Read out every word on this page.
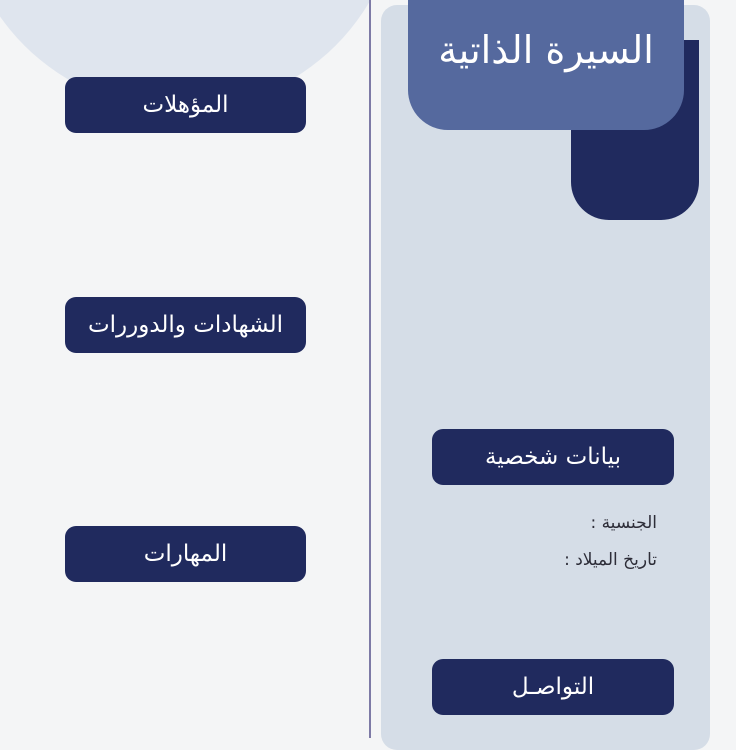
السيرة الذاتية
المؤهلات
الشهادات والدوررات
المهارات
بيانات شخصية
الجنسية :
تاريخ الميلاد :
التواصـل
